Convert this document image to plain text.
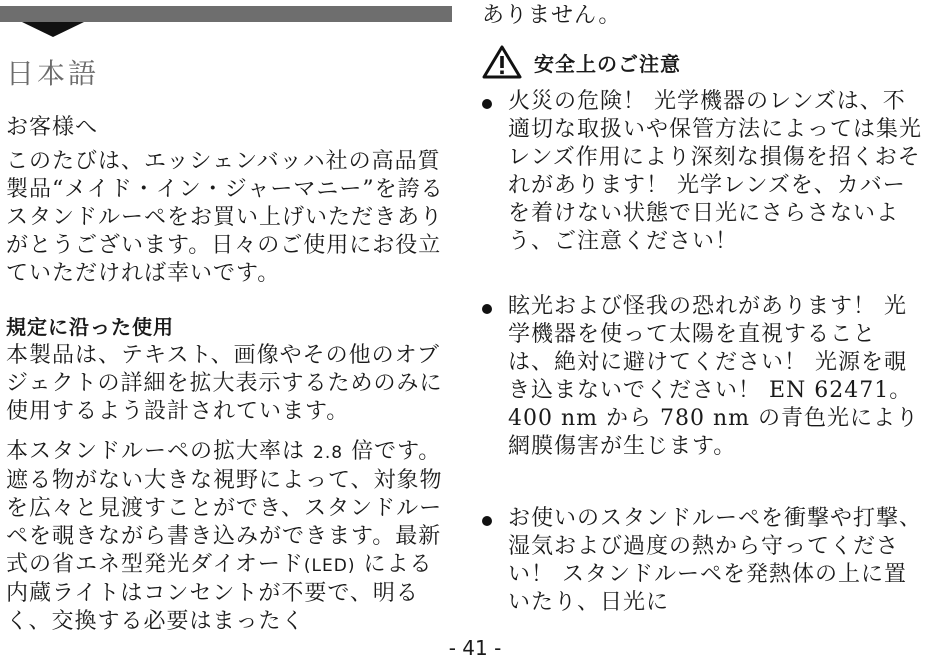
日本語

お客様へ

このたびは、エッシェンバッハ社の高品質製品“メイド・イン・ジャーマニー”を誇るスタンドルーペをお買い上げいただきありがとうございます。日々のご使用にお役立ていただければ幸いです。

規定に沿った使用

本製品は、テキスト、画像やその他のオブジェクトの詳細を拡大表示するためのみに使用するよう設計されています。

本スタンドルーペの拡大率は 2.8 倍です。遮る物がない大きな視野によって、対象物を広々と見渡すことができ、スタンドルーペを覗きながら書き込みができます。最新式の省エネ型発光ダイオード(LED) による内蔵ライトはコンセントが不要で、明るく、交換する必要はまったく

ありません。

安全上のご注意

火災の危険！ 光学機器のレンズは、不適切な取扱いや保管方法によっては集光レンズ作用により深刻な損傷を招くおそれがあります！ 光学レンズを、カバーを着けない状態で日光にさらさないよう、ご注意ください！

眩光および怪我の恐れがあります！ 光学機器を使って太陽を直視すること は、絶対に避けてください！ 光源を覗き込まないでください！ EN 62471。400 nm から 780 nm の青色光により網膜傷害が生じます。

お使いのスタンドルーペを衝撃や打撃、湿気および過度の熱から守ってください！ スタンドルーペを発熱体の上に置いたり、日光に

- 41 -
